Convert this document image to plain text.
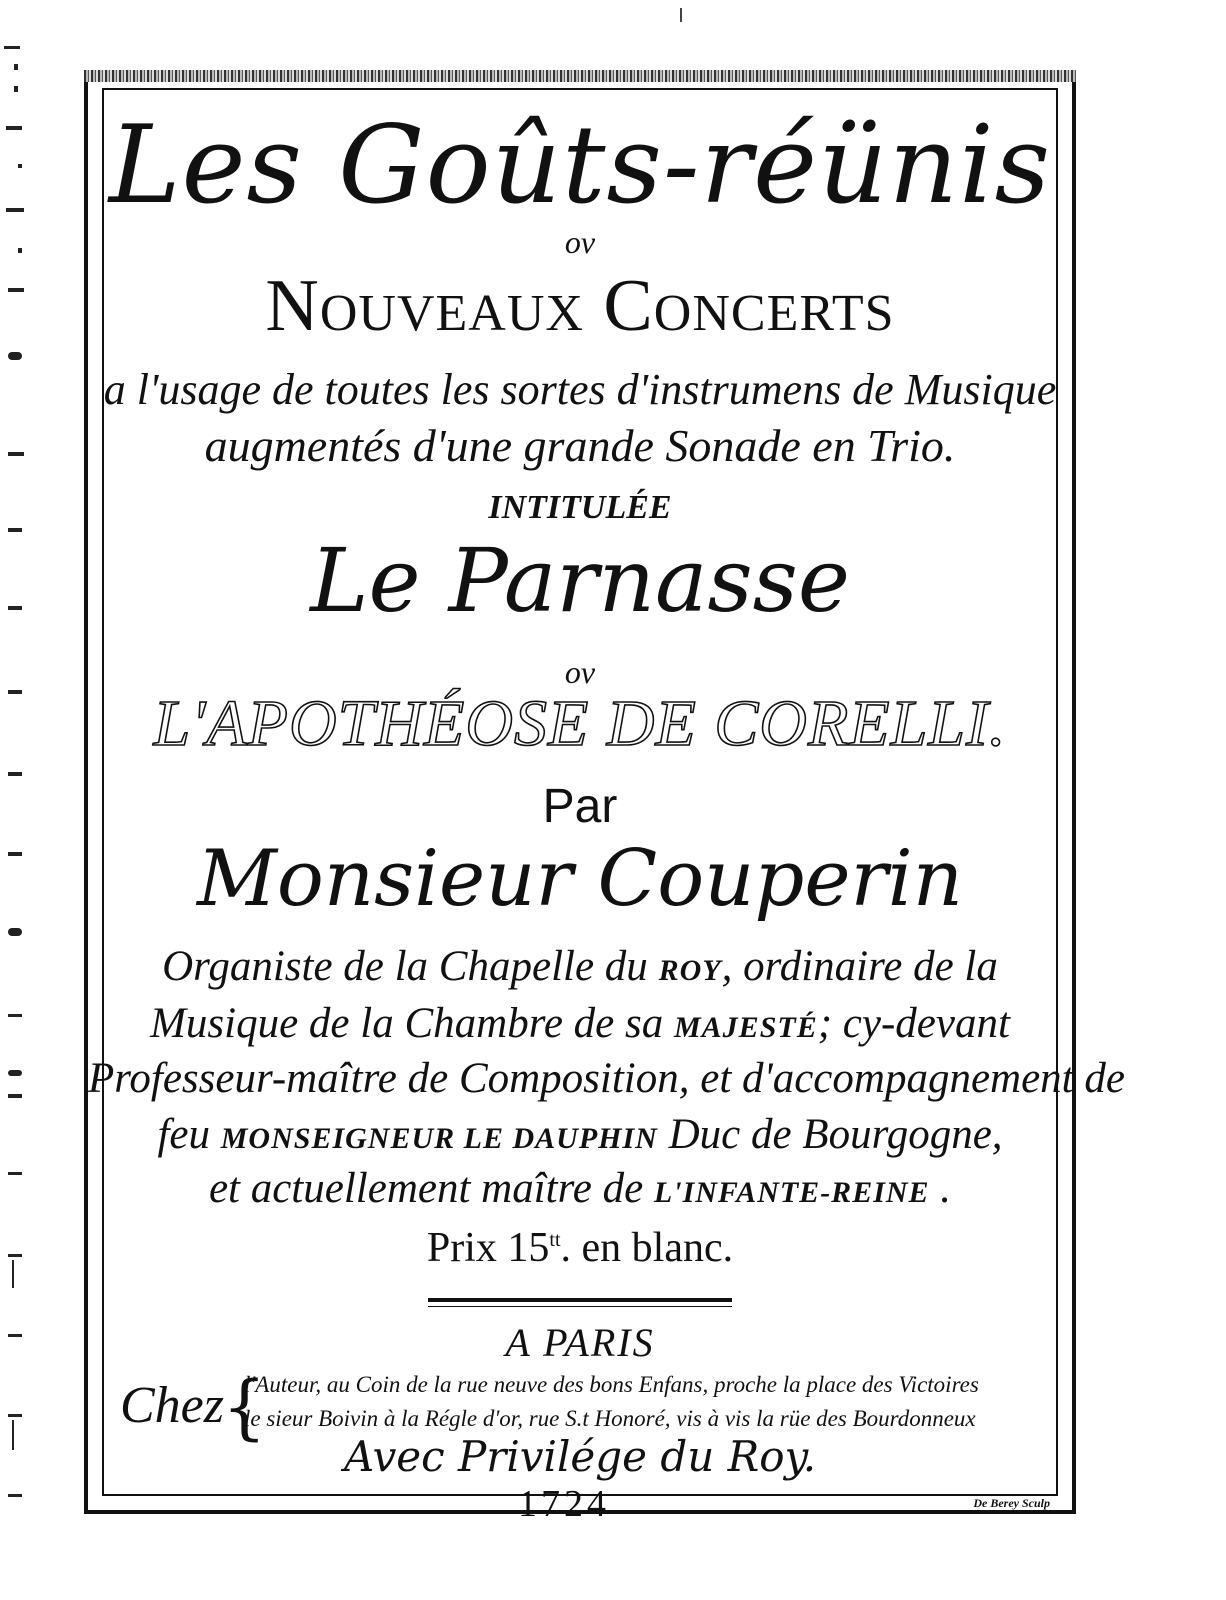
Les Goûts-réünis
ov
Nouveaux Concerts
a l'usage de toutes les sortes d'instrumens de Musique
augmentés d'une grande Sonade en Trio.
INTITULÉE
Le Parnasse
ov
L'APOTHÉOSE DE CORELLI.
Par
Monsieur Couperin
Organiste de la Chapelle du ROY, ordinaire de la
Musique de la Chambre de sa MAJESTÉ; cy-devant
Professeur-maître de Composition, et d'accompagnement de
feu MONSEIGNEUR LE DAUPHIN Duc de Bourgogne,
et actuellement maître de L'INFANTE-REINE .
Prix $15^{tt}$. en blanc.
A PARIS
Chez
{
l'Auteur, au Coin de la rue neuve des bons Enfans, proche la place des Victoires
le sieur Boivin à la Régle d'or, rue S.t Honoré, vis à vis la rüe des Bourdonneux
Avec Privilége du Roy.
1724	De Berey Sculp
